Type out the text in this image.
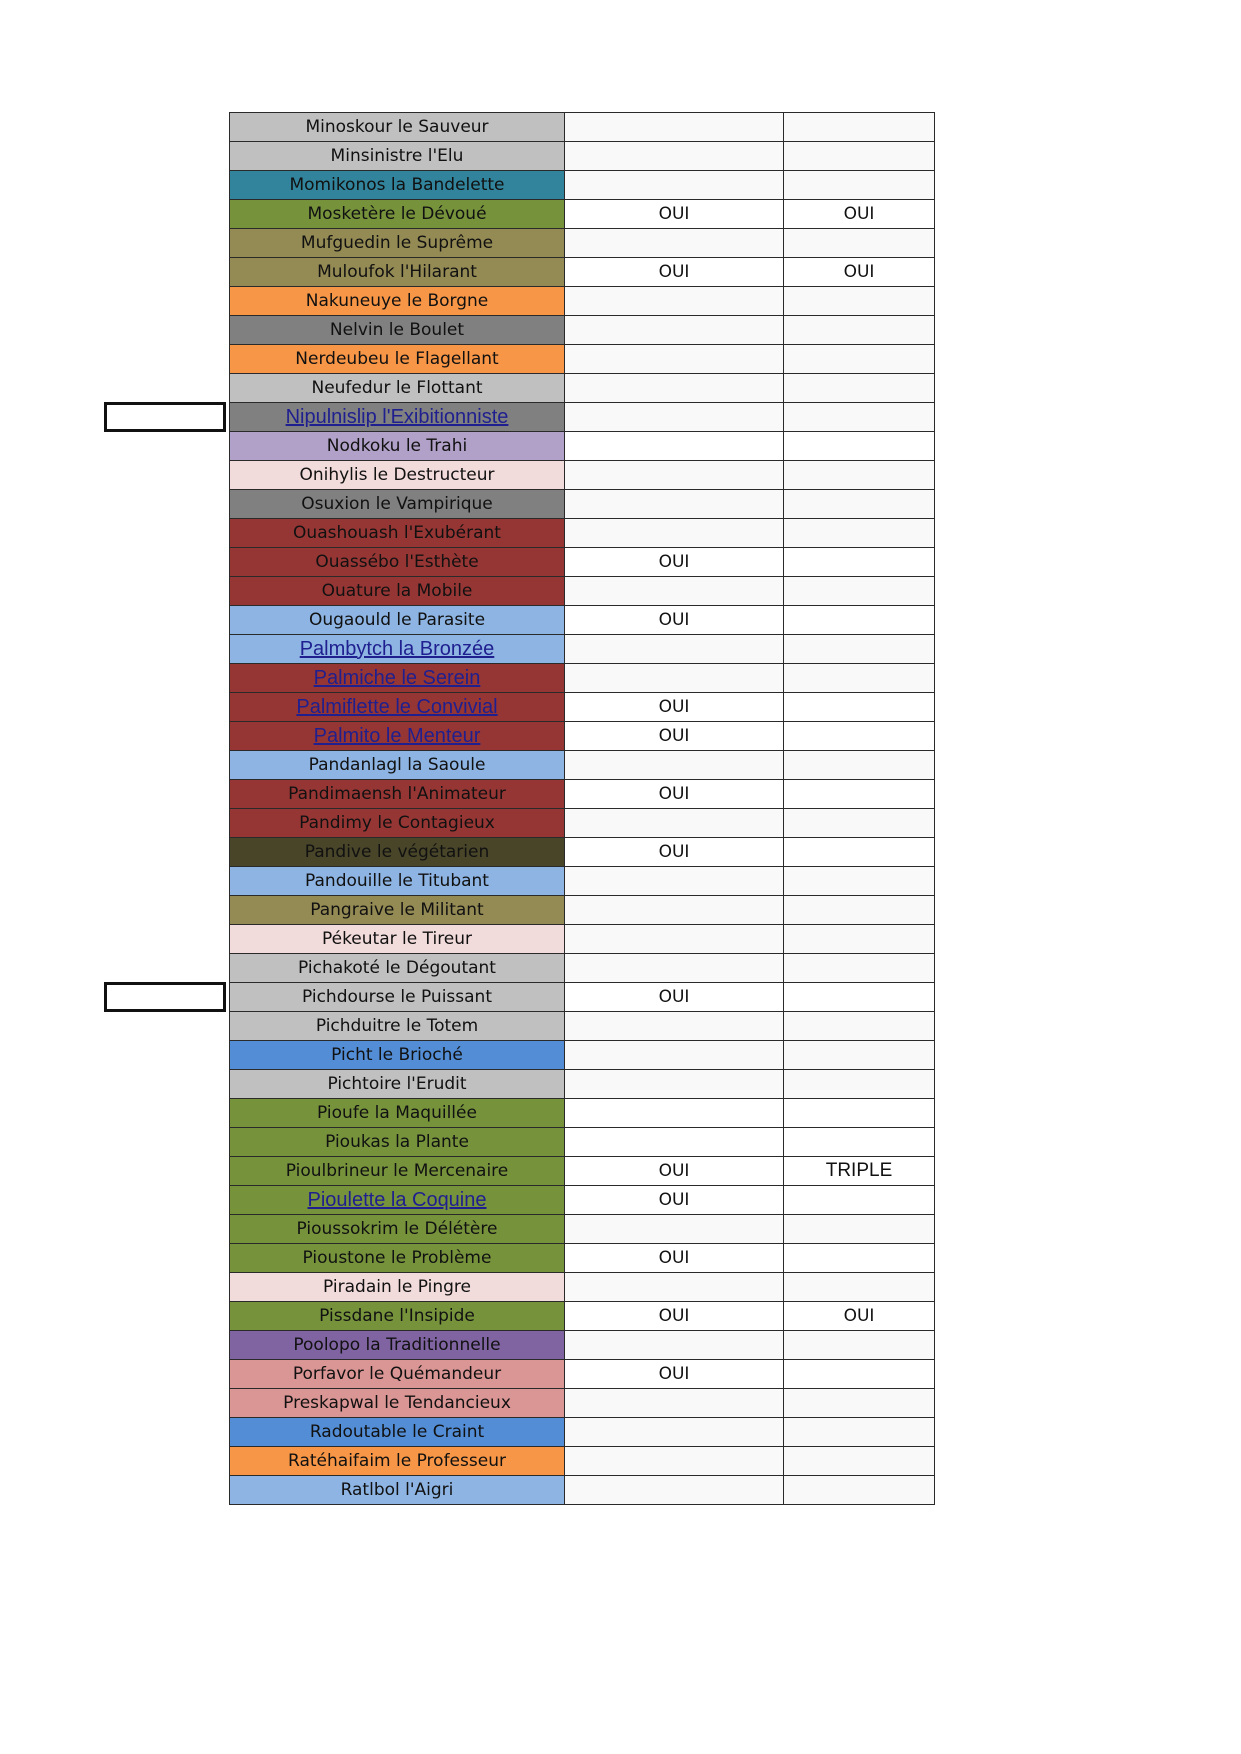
Minoskour le Sauveur		
Minsinistre l'Elu		
Momikonos la Bandelette		
Mosketère le Dévoué	OUI	OUI
Mufguedin le Suprême		
Muloufok l'Hilarant	OUI	OUI
Nakuneuye le Borgne		
Nelvin le Boulet		
Nerdeubeu le Flagellant		
Neufedur le Flottant		
Nipulnislip l'Exibitionniste		
Nodkoku le Trahi		
Onihylis le Destructeur		
Osuxion le Vampirique		
Ouashouash l'Exubérant		
Ouassébo l'Esthète	OUI	
Ouature la Mobile		
Ougaould le Parasite	OUI	
Palmbytch la Bronzée		
Palmiche le Serein		
Palmiflette le Convivial	OUI	
Palmito le Menteur	OUI	
Pandanlagl la Saoule		
Pandimaensh l'Animateur	OUI	
Pandimy le Contagieux		
Pandive le végétarien	OUI	
Pandouille le Titubant		
Pangraive le Militant		
Pékeutar le Tireur		
Pichakoté le Dégoutant		
Pichdourse le Puissant	OUI	
Pichduitre le Totem		
Picht le Brioché		
Pichtoire l'Erudit		
Pioufe la Maquillée		
Pioukas la Plante		
Pioulbrineur le Mercenaire	OUI	TRIPLE
Pioulette la Coquine	OUI	
Pioussokrim le Délétère		
Pioustone le Problème	OUI	
Piradain le Pingre		
Pissdane l'Insipide	OUI	OUI
Poolopo la Traditionnelle		
Porfavor le Quémandeur	OUI	
Preskapwal le Tendancieux		
Radoutable le Craint		
Ratéhaifaim le Professeur		
Ratlbol l'Aigri		
